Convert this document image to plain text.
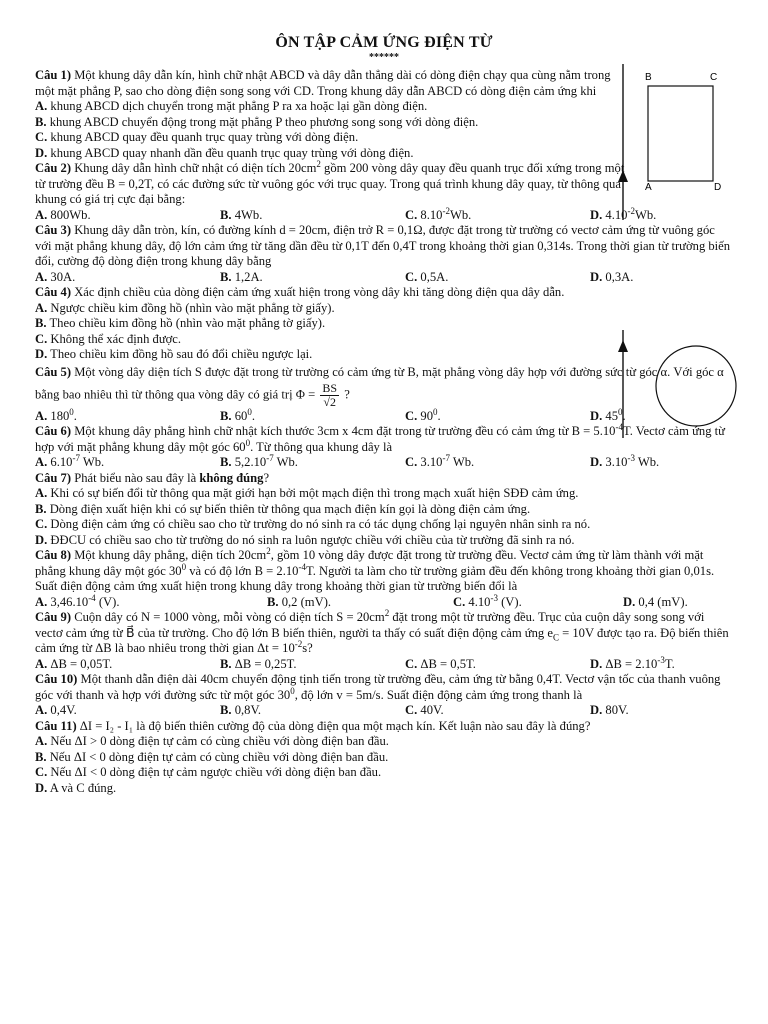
ÔN TẬP CẢM ỨNG ĐIỆN TỪ
******
B	C
A	D
Câu 1) Một khung dây dẫn kín, hình chữ nhật ABCD và dây dẫn thẳng dài có dòng điện chạy qua cùng nằm trong một mặt phẳng P, sao cho dòng điện song song với CD. Trong khung dây dẫn ABCD có dòng điện cảm ứng khi
A. khung ABCD dịch chuyển trong mặt phẳng P ra xa hoặc lại gần dòng điện.
B. khung ABCD chuyển động trong mặt phẳng P theo phương song song với dòng điện.
C. khung ABCD quay đều quanh trục quay trùng với dòng điện.
D. khung ABCD quay nhanh dần đều quanh trục quay trùng với dòng điện.
Câu 2) Khung dây dẫn hình chữ nhật có diện tích $20cm^2$ gồm 200 vòng dây quay đều quanh trục đối xứng trong một từ trường đều B = 0,2T, có các đường sức từ vuông góc với trục quay. Trong quá trình khung dây quay, từ thông qua khung có giá trị cực đại bằng:
A. 800Wb.	B. 4Wb.	C. $8.10^{-2}Wb$.	D. $4.10^{-2}Wb$.
Câu 3) Khung dây dẫn tròn, kín, có đường kính d = 20cm, điện trở R = 0,1Ω, được đặt trong từ trường có vectơ cảm ứng từ vuông góc với mặt phẳng khung dây, độ lớn cảm ứng từ tăng dần đều từ 0,1T đến 0,4T trong khoảng thời gian 0,314s. Trong thời gian từ trường biến đổi, cường độ dòng điện trong khung dây bằng
A. 30A.	B. 1,2A.	C. 0,5A.	D. 0,3A.
Câu 4) Xác định chiều của dòng điện cảm ứng xuất hiện trong vòng dây khi tăng dòng điện qua dây dẫn.
A. Ngược chiều kim đồng hồ (nhìn vào mặt phẳng tờ giấy).
B. Theo chiều kim đồng hồ (nhìn vào mặt phẳng tờ giấy).
C. Không thể xác định được.
D. Theo chiều kim đồng hồ sau đó đổi chiều ngược lại.
Câu 5) Một vòng dây diện tích S được đặt trong từ trường có cảm ứng từ B, mặt phẳng vòng dây hợp với đường sức từ góc α. Với góc α bằng bao nhiêu thì từ thông qua vòng dây có giá trị $\Phi = \frac{BS}{√2}$ ?
A. $180^0$.	B. $60^0$.	C. $90^0$.	D. $45^0$.
Câu 6) Một khung dây phẳng hình chữ nhật kích thước 3cm x 4cm đặt trong từ trường đều có cảm ứng từ $B = 5.10^{-4}T$. Vectơ cảm ứng từ hợp với mặt phẳng khung dây một góc $60^0$. Từ thông qua khung dây là
A. $6.10^{-7}$ Wb.	B. $5,2.10^{-7}$ Wb.	C. $3.10^{-7}$ Wb.	D. $3.10^{-3}$ Wb.
Câu 7) Phát biểu nào sau đây là không đúng?
A. Khi có sự biến đổi từ thông qua mặt giới hạn bởi một mạch điện thì trong mạch xuất hiện SĐĐ cảm ứng.
B. Dòng điện xuất hiện khi có sự biến thiên từ thông qua mạch điện kín gọi là dòng điện cảm ứng.
C. Dòng điện cảm ứng có chiều sao cho từ trường do nó sinh ra có tác dụng chống lại nguyên nhân sinh ra nó.
D. ĐĐCU có chiều sao cho từ trường do nó sinh ra luôn ngược chiều với chiều của từ trường đã sinh ra nó.
Câu 8) Một khung dây phẳng, diện tích $20cm^2$, gồm 10 vòng dây được đặt trong từ trường đều. Vectơ cảm ứng từ làm thành với mặt phẳng khung dây một góc $30^0$ và có độ lớn $B = 2.10^{-4}T$. Người ta làm cho từ trường giảm đều đến không trong khoảng thời gian 0,01s. Suất điện động cảm ứng xuất hiện trong khung dây trong khoảng thời gian từ trường biến đổi là
A. $3,46.10^{-4}$ (V).	B. 0,2 (mV).	C. $4.10^{-3}$ (V).	D. 0,4 (mV).
Câu 9) Cuộn dây có N = 1000 vòng, mỗi vòng có diện tích $S = 20cm^2$ đặt trong một từ trường đều. Trục của cuộn dây song song với vectơ cảm ứng từ B⃗ của từ trường. Cho độ lớn B biến thiên, người ta thấy có suất điện động cảm ứng $e_C = 10V$ được tạo ra. Độ biến thiên cảm ứng từ ΔB là bao nhiêu trong thời gian $\Delta t = 10^{-2}s$?
A. ΔB = 0,05T.	B. ΔB = 0,25T.	C. ΔB = 0,5T.	D. $\Delta B = 2.10^{-3}T$.
Câu 10) Một thanh dẫn điện dài 40cm chuyển động tịnh tiến trong từ trường đều, cảm ứng từ bằng 0,4T. Vectơ vận tốc của thanh vuông góc với thanh và hợp với đường sức từ một góc $30^0$, độ lớn v = 5m/s. Suất điện động cảm ứng trong thanh là
A. 0,4V.	B. 0,8V.	C. 40V.	D. 80V.
Câu 11) ΔI = I₂ - I₁ là độ biến thiên cường độ của dòng điện qua một mạch kín. Kết luận nào sau đây là đúng?
A. Nếu ΔI > 0 dòng điện tự cảm có cùng chiều với dòng điện ban đầu.
B. Nếu ΔI < 0 dòng điện tự cảm có cùng chiều với dòng điện ban đầu.
C. Nếu ΔI < 0 dòng điện tự cảm ngược chiều với dòng điện ban đầu.
D. A và C đúng.
